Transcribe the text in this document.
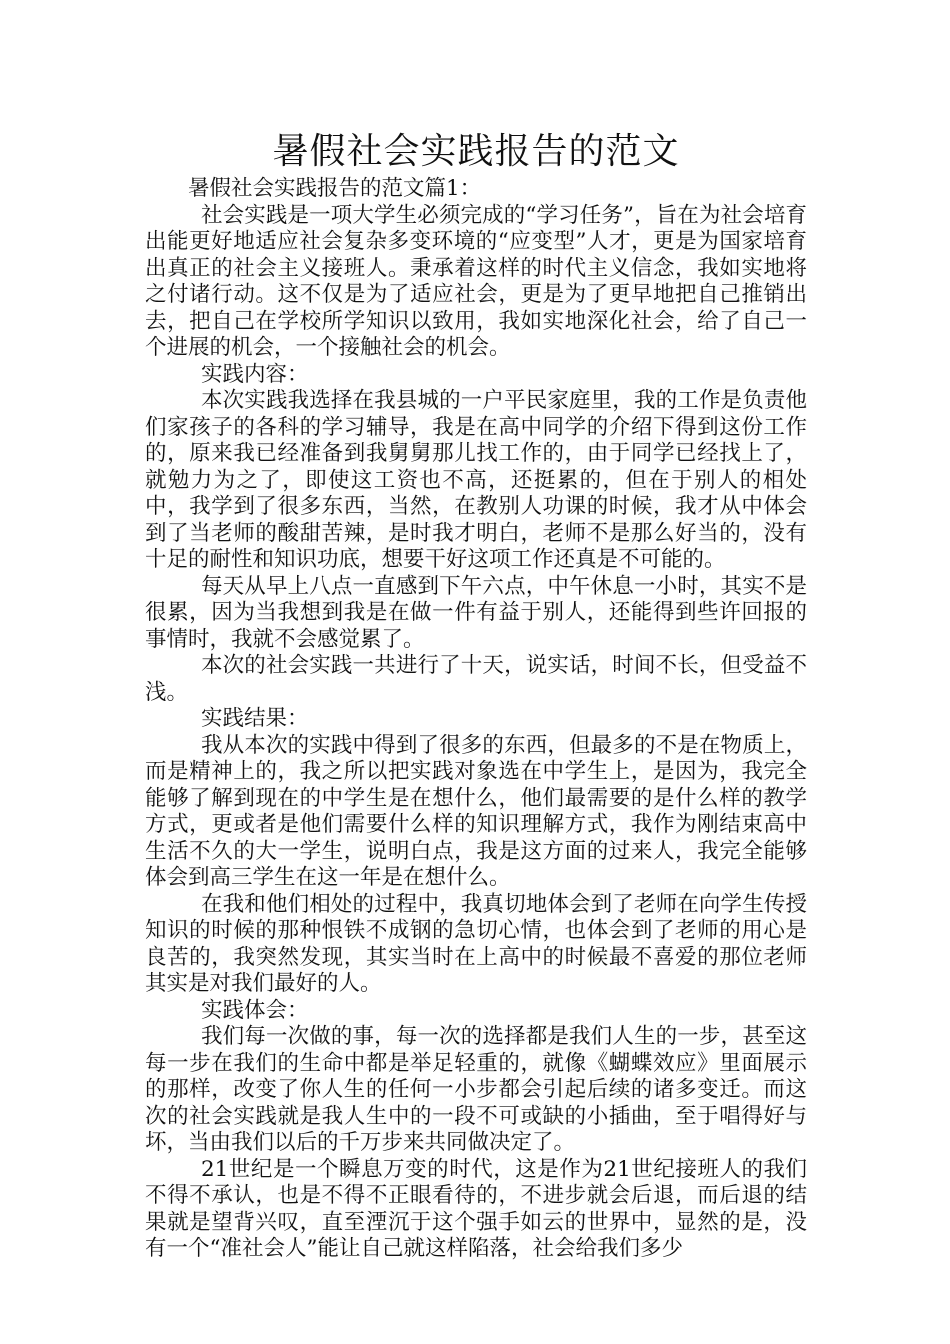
暑假社会实践报告的范文

暑假社会实践报告的范文篇1：

社会实践是一项大学生必须完成的“学习任务”，旨在为社会培育出能更好地适应社会复杂多变环境的“应变型”人才，更是为国家培育出真正的社会主义接班人。秉承着这样的时代主义信念，我如实地将之付诸行动。这不仅是为了适应社会，更是为了更早地把自己推销出去，把自己在学校所学知识以致用，我如实地深化社会，给了自己一个进展的机会，一个接触社会的机会。

实践内容：

本次实践我选择在我县城的一户平民家庭里，我的工作是负责他们家孩子的各科的学习辅导，我是在高中同学的介绍下得到这份工作的，原来我已经准备到我舅舅那儿找工作的，由于同学已经找上了，就勉力为之了，即使这工资也不高，还挺累的，但在于别人的相处中，我学到了很多东西，当然，在教别人功课的时候，我才从中体会到了当老师的酸甜苦辣，是时我才明白，老师不是那么好当的，没有十足的耐性和知识功底，想要干好这项工作还真是不可能的。

每天从早上八点一直感到下午六点，中午休息一小时，其实不是很累，因为当我想到我是在做一件有益于别人，还能得到些许回报的事情时，我就不会感觉累了。

本次的社会实践一共进行了十天，说实话，时间不长，但受益不浅。

实践结果：

我从本次的实践中得到了很多的东西，但最多的不是在物质上，而是精神上的，我之所以把实践对象选在中学生上，是因为，我完全能够了解到现在的中学生是在想什么，他们最需要的是什么样的教学方式，更或者是他们需要什么样的知识理解方式，我作为刚结束高中生活不久的大一学生，说明白点，我是这方面的过来人，我完全能够体会到高三学生在这一年是在想什么。

在我和他们相处的过程中，我真切地体会到了老师在向学生传授知识的时候的那种恨铁不成钢的急切心情，也体会到了老师的用心是良苦的，我突然发现，其实当时在上高中的时候最不喜爱的那位老师其实是对我们最好的人。

实践体会：

我们每一次做的事，每一次的选择都是我们人生的一步，甚至这每一步在我们的生命中都是举足轻重的，就像《蝴蝶效应》里面展示的那样，改变了你人生的任何一小步都会引起后续的诸多变迁。而这次的社会实践就是我人生中的一段不可或缺的小插曲，至于唱得好与坏，当由我们以后的千万步来共同做决定了。

21世纪是一个瞬息万变的时代，这是作为21世纪接班人的我们不得不承认，也是不得不正眼看待的，不进步就会后退，而后退的结果就是望背兴叹，直至湮沉于这个强手如云的世界中，显然的是，没有一个“准社会人”能让自己就这样陷落，社会给我们多少
